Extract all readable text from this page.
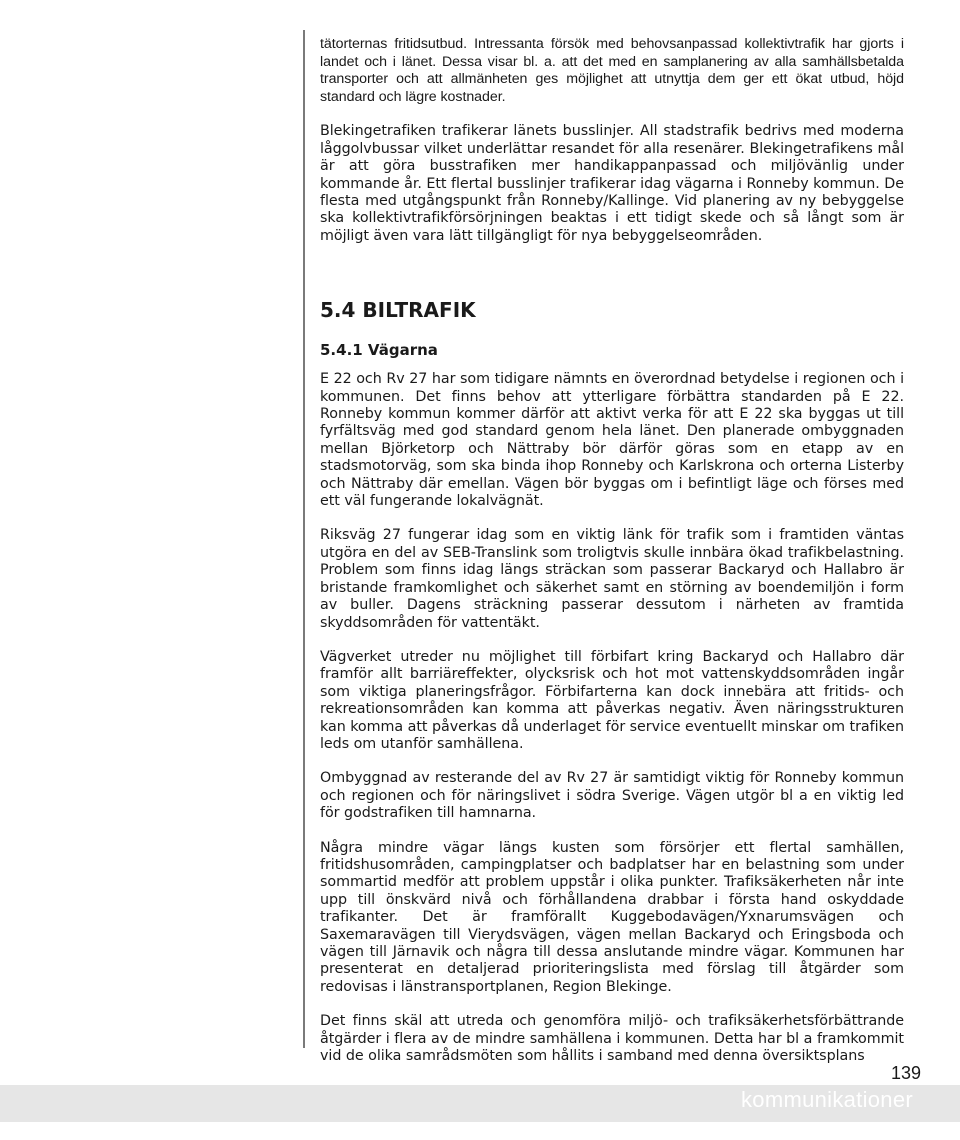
tätorternas fritidsutbud. Intressanta försök med behovsanpassad kollektivtrafik har gjorts i landet och i länet. Dessa visar bl. a. att det med en samplanering av alla samhällsbetalda transporter och att allmänheten ges möjlighet att utnyttja dem ger ett ökat utbud, höjd standard och lägre kostnader.

Blekingetrafiken trafikerar länets busslinjer. All stadstrafik bedrivs med moderna låggolvbussar vilket underlättar resandet för alla resenärer. Blekingetrafikens mål är att göra busstrafiken mer handikappanpassad och miljövänlig under kommande år. Ett flertal busslinjer trafikerar idag vägarna i Ronneby kommun. De flesta med utgångspunkt från Ronneby/Kallinge. Vid planering av ny bebyggelse ska kollektivtrafikförsörjningen beaktas i ett tidigt skede och så långt som är möjligt även vara lätt tillgängligt för nya bebyggelseområden.

5.4 BILTRAFIK
5.4.1 Vägarna

E 22 och Rv 27 har som tidigare nämnts en överordnad betydelse i regionen och i kommunen. Det finns behov att ytterligare förbättra standarden på E 22. Ronneby kommun kommer därför att aktivt verka för att E 22 ska byggas ut till fyrfältsväg med god standard genom hela länet. Den planerade ombyggnaden mellan Björketorp och Nättraby bör därför göras som en etapp av en stadsmotorväg, som ska binda ihop Ronneby och Karlskrona och orterna Listerby och Nättraby där emellan. Vägen bör byggas om i befintligt läge och förses med ett väl fungerande lokalvägnät.

Riksväg 27 fungerar idag som en viktig länk för trafik som i framtiden väntas utgöra en del av SEB-Translink som troligtvis skulle innbära ökad trafikbelastning. Problem som finns idag längs sträckan som passerar Backaryd och Hallabro är bristande framkomlighet och säkerhet samt en störning av boendemiljön i form av buller. Dagens sträckning passerar dessutom i närheten av framtida skyddsområden för vattentäkt.

Vägverket utreder nu möjlighet till förbifart kring Backaryd och Hallabro där framför allt barriäreffekter, olycksrisk och hot mot vattenskyddsområden ingår som viktiga planeringsfrågor. Förbifarterna kan dock innebära att fritids- och rekreationsområden kan komma att påverkas negativ. Även näringsstrukturen kan komma att påverkas då underlaget för service eventuellt minskar om trafiken leds om utanför samhällena.

Ombyggnad av resterande del av Rv 27 är samtidigt viktig för Ronneby kommun och regionen och för näringslivet i södra Sverige. Vägen utgör bl a en viktig led för godstrafiken till hamnarna.

Några mindre vägar längs kusten som försörjer ett flertal samhällen, fritidshusområden, campingplatser och badplatser har en belastning som under sommartid medför att problem uppstår i olika punkter. Trafiksäkerheten når inte upp till önskvärd nivå och förhållandena drabbar i första hand oskyddade trafikanter. Det är framförallt Kuggebodavägen/Yxnarumsvägen och Saxemaravägen till Vierydsvägen, vägen mellan Backaryd och Eringsboda och vägen till Järnavik och några till dessa anslutande mindre vägar. Kommunen har presenterat en detaljerad prioriteringslista med förslag till åtgärder som redovisas i länstransportplanen, Region Blekinge.

Det finns skäl att utreda och genomföra miljö- och trafiksäkerhetsförbättrande åtgärder i flera av de mindre samhällena i kommunen. Detta har bl a framkommit vid de olika samrådsmöten som hållits i samband med denna översiktsplans

139
kommunikationer
